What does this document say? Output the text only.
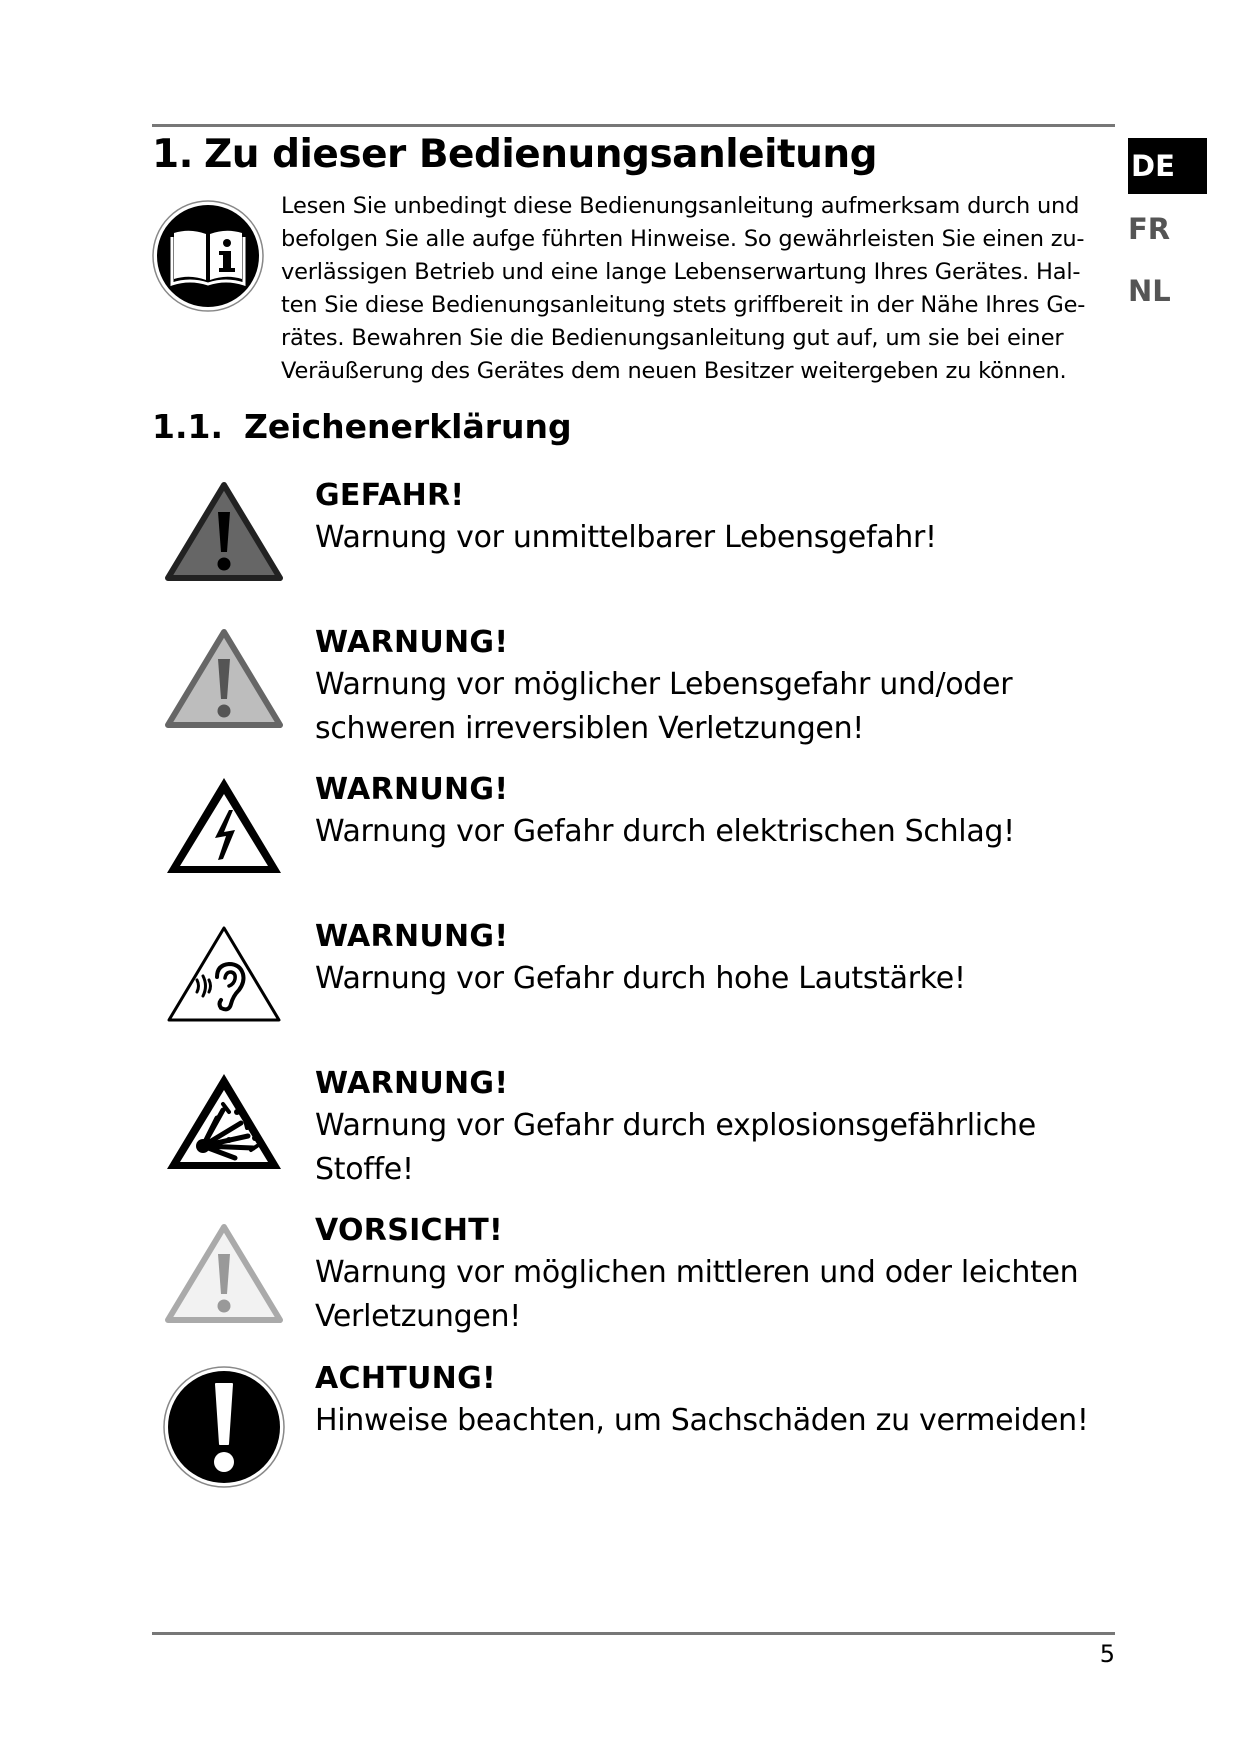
DE
FR
NL
1. Zu dieser Bedienungsanleitung
Lesen Sie unbedingt diese Bedienungsanleitung aufmerksam durch und
befolgen Sie alle aufge führten Hinweise. So gewährleisten Sie einen zu-
verlässigen Betrieb und eine lange Lebenserwartung Ihres Gerätes. Hal-
ten Sie diese Bedienungsanleitung stets griffbereit in der Nähe Ihres Ge-
rätes. Bewahren Sie die Bedienungsanleitung gut auf, um sie bei einer
Veräußerung des Gerätes dem neuen Besitzer weitergeben zu können.
1.1. Zeichenerklärung
GEFAHR!
Warnung vor unmittelbarer Lebensgefahr!
WARNUNG!
Warnung vor möglicher Lebensgefahr und/oder
schweren irreversiblen Verletzungen!
WARNUNG!
Warnung vor Gefahr durch elektrischen Schlag!
WARNUNG!
Warnung vor Gefahr durch hohe Lautstärke!
WARNUNG!
Warnung vor Gefahr durch explosionsgefährliche
Stoffe!
VORSICHT!
Warnung vor möglichen mittleren und oder leichten
Verletzungen!
ACHTUNG!
Hinweise beachten, um Sachschäden zu vermeiden!
5
